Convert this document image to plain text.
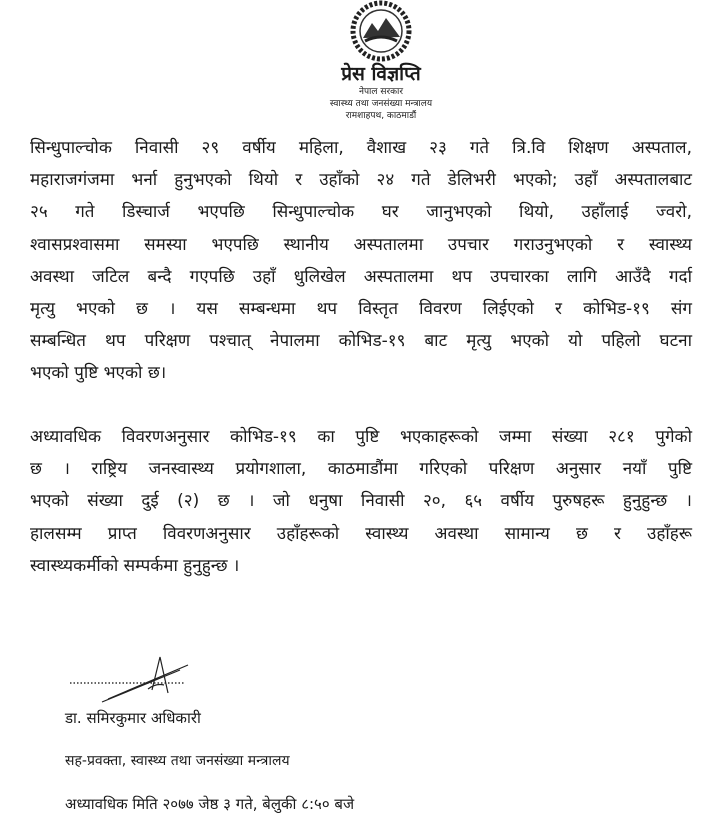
प्रेस विज्ञप्ति
नेपाल सरकार
स्वास्थ्य तथा जनसंख्या मन्त्रालय
रामशाहपथ, काठमाडौं
सिन्धुपाल्चोक निवासी २९ वर्षीय महिला, वैशाख २३ गते त्रि.वि शिक्षण अस्पताल,
महाराजगंजमा भर्ना हुनुभएको थियो र उहाँको २४ गते डेलिभरी भएको; उहाँ अस्पतालबाट
२५ गते डिस्चार्ज भएपछि सिन्धुपाल्चोक घर जानुभएको थियो, उहाँलाई ज्वरो,
श्वासप्रश्वासमा समस्या भएपछि स्थानीय अस्पतालमा उपचार गराउनुभएको र स्वास्थ्य
अवस्था जटिल बन्दै गएपछि उहाँ धुलिखेल अस्पतालमा थप उपचारका लागि आउँदै गर्दा
मृत्यु भएको छ । यस सम्बन्धमा थप विस्तृत विवरण लिईएको र कोभिड-१९ संग
सम्बन्धित थप परिक्षण पश्चात् नेपालमा कोभिड-१९ बाट मृत्यु भएको यो पहिलो घटना
भएको पुष्टि भएको छ।
अध्यावधिक विवरणअनुसार कोभिड-१९ का पुष्टि भएकाहरूको जम्मा संख्या २८१ पुगेको
छ । राष्ट्रिय जनस्वास्थ्य प्रयोगशाला, काठमाडौंमा गरिएको परिक्षण अनुसार नयाँ पुष्टि
भएको संख्या दुई (२) छ । जो धनुषा निवासी २०, ६५ वर्षीय पुरुषहरू हुनुहुन्छ ।
हालसम्म प्राप्त विवरणअनुसार उहाँहरूको स्वास्थ्य अवस्था सामान्य छ र उहाँहरू
स्वास्थ्यकर्मीको सम्पर्कमा हुनुहुन्छ ।
डा. समिरकुमार अधिकारी
सह-प्रवक्ता, स्वास्थ्य तथा जनसंख्या मन्त्रालय
अध्यावधिक मिति २०७७ जेष्ठ ३ गते, बेलुकी ८:५० बजे
